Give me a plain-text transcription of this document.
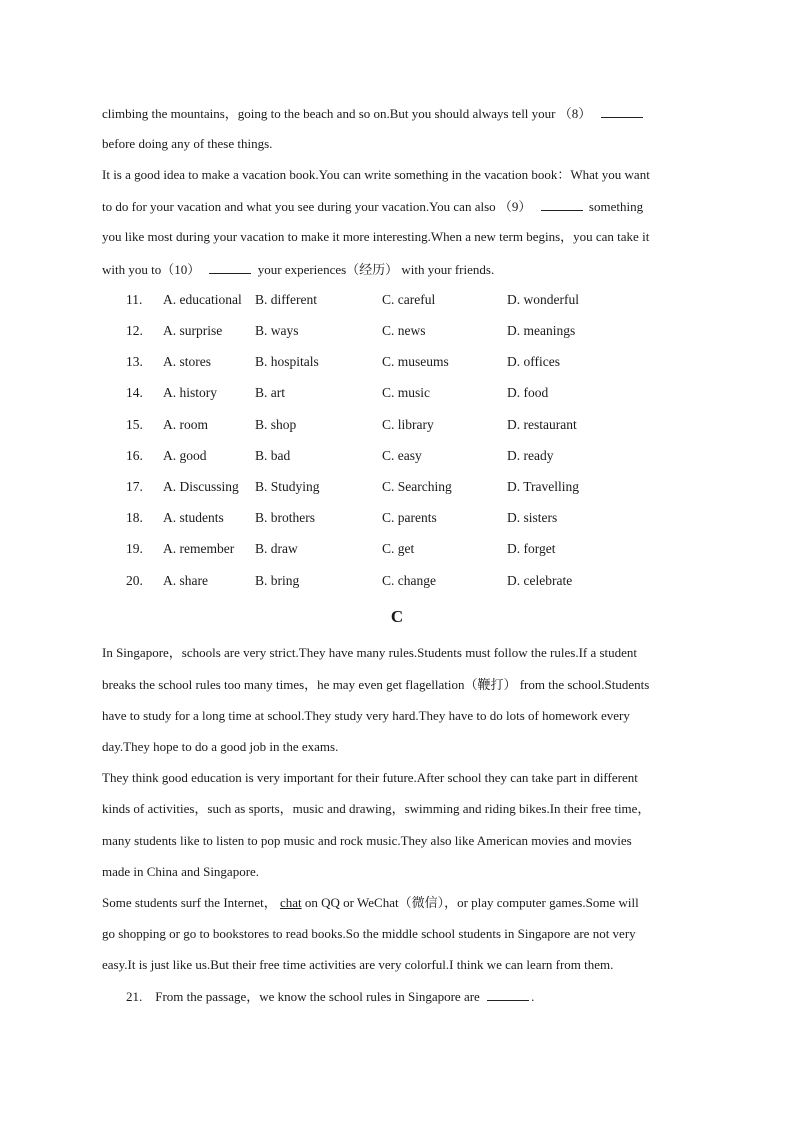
climbing the mountains，going to the beach and so on.But you should always tell your （8）
before doing any of these things.
It is a good idea to make a vacation book.You can write something in the vacation book：What you want
to do for your vacation and what you see during your vacation.You can also （9）	something
you like most during your vacation to make it more interesting.When a new term begins，you can take it
with you to（10）	your experiences（经历） with your friends.
11. A. educational B. different	C. careful	D. wonderful
12. A. surprise B. ways	C. news	D. meanings
13. A. stores	B. hospitals	C. museums	D. offices
14. A. history	B. art	C. music	D. food
15. A. room	B. shop	C. library	D. restaurant
16. A. good	B. bad	C. easy	D. ready
17. A. Discussing B. Studying	C. Searching	D. Travelling
18. A. students B. brothers	C. parents	D. sisters
19. A. remember B. draw	C. get	D. forget
20. A. share	B. bring	C. change	D. celebrate
C
In Singapore，schools are very strict.They have many rules.Students must follow the rules.If a student
breaks the school rules too many times，he may even get flagellation（鞭打） from the school.Students
have to study for a long time at school.They study very hard.They have to do lots of homework every
day.They hope to do a good job in the exams.
They think good education is very important for their future.After school they can take part in different
kinds of activities，such as sports，music and drawing，swimming and riding bikes.In their free time，
many students like to listen to pop music and rock music.They also like American movies and movies
made in China and Singapore.
Some students surf the Internet， chat on QQ or WeChat（微信），or play computer games.Some will
go shopping or go to bookstores to read books.So the middle school students in Singapore are not very
easy.It is just like us.But their free time activities are very colorful.I think we can learn from them.
21. From the passage，we know the school rules in Singapore are	.
